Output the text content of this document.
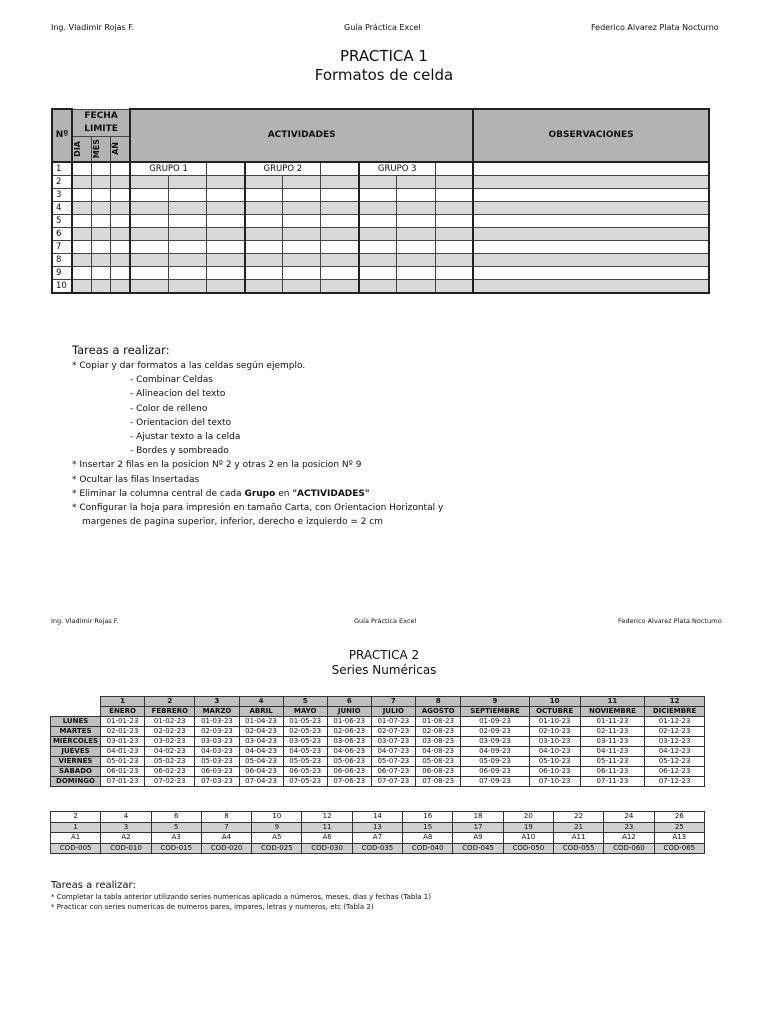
Ing. Vladimir Rojas F.	Guía Práctica Excel	Federico Alvarez Plata Nocturno
PRACTICA 1
Formatos de celda
Nº	FECHA LIMITE			ACTIVIDADES									OBSERVACIONES

	DIA	MES	AÑ										

1				GRUPO 1			GRUPO 2			GRUPO 3			
2													
3													
4													
5													
6													
7													
8													
9													
10													
Tareas a realizar:
* Copiar y dar formatos a las celdas según ejemplo.
- Combinar Celdas
- Alineacion del texto
- Color de relleno
- Orientacion del texto
- Ajustar texto a la celda
- Bordes y sombreado
* Insertar 2 filas en la posicion Nº 2 y otras 2 en la posicion Nº 9
* Ocultar las filas Insertadas
* Eliminar la columna central de cada Grupo en "ACTIVIDADES"
* Configurar la hoja para impresión en tamaño Carta, con Orientacion Horizontal y
margenes de pagina superior, inferior, derecho e izquierdo = 2 cm
Ing. Vladimir Rojas F.	Guía Práctica Excel	Federico Alvarez Plata Nocturno
PRACTICA 2
Series Numéricas
	1	2	3	4	5	6	7	8	9	10	11	12
	ENERO	FEBRERO	MARZO	ABRIL	MAYO	JUNIO	JULIO	AGOSTO	SEPTIEMBRE	OCTUBRE	NOVIEMBRE	DICIEMBRE
LUNES	01-01-23	01-02-23	01-03-23	01-04-23	01-05-23	01-06-23	01-07-23	01-08-23	01-09-23	01-10-23	01-11-23	01-12-23
MARTES	02-01-23	02-02-23	02-03-23	02-04-23	02-05-23	02-06-23	02-07-23	02-08-23	02-09-23	02-10-23	02-11-23	02-12-23
MIÉRCOLES	03-01-23	03-02-23	03-03-23	03-04-23	03-05-23	03-06-23	03-07-23	03-08-23	03-09-23	03-10-23	03-11-23	03-12-23
JUEVES	04-01-23	04-02-23	04-03-23	04-04-23	04-05-23	04-06-23	04-07-23	04-08-23	04-09-23	04-10-23	04-11-23	04-12-23
VIERNES	05-01-23	05-02-23	05-03-23	05-04-23	05-05-23	05-06-23	05-07-23	05-08-23	05-09-23	05-10-23	05-11-23	05-12-23
SÁBADO	06-01-23	06-02-23	06-03-23	06-04-23	06-05-23	06-06-23	06-07-23	06-08-23	06-09-23	06-10-23	06-11-23	06-12-23
DOMINGO	07-01-23	07-02-23	07-03-23	07-04-23	07-05-23	07-06-23	07-07-23	07-08-23	07-09-23	07-10-23	07-11-23	07-12-23
2	4	6	8	10	12	14	16	18	20	22	24	26
1	3	5	7	9	11	13	15	17	19	21	23	25
A1	A2	A3	A4	A5	A6	A7	A8	A9	A10	A11	A12	A13
COD-005	COD-010	COD-015	COD-020	COD-025	COD-030	COD-035	COD-040	COD-045	COD-050	COD-055	COD-060	COD-065
Tareas a realizar:
* Completar la tabla anterior utilizando series numericas aplicado a números, meses, dias y fechas (Tabla 1)
* Practicar con series numericas de numeros pares, impares, letras y numeros, etc (Tabla 2)
